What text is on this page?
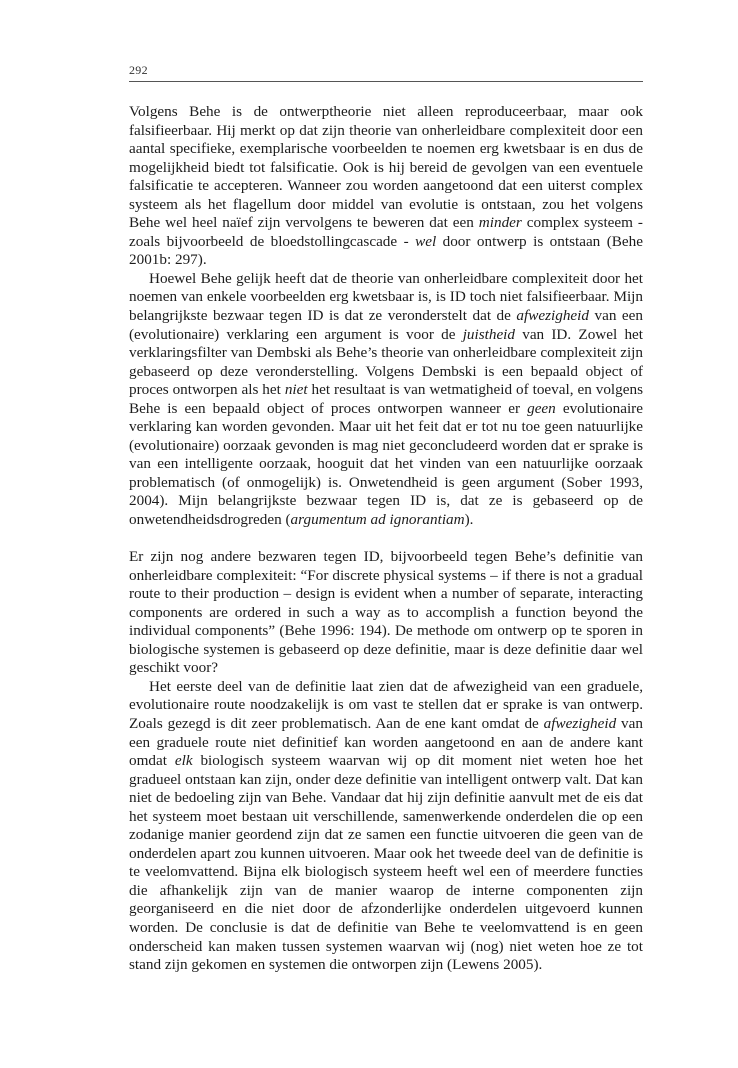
292

Volgens Behe is de ontwerptheorie niet alleen reproduceerbaar, maar ook falsifieerbaar. Hij merkt op dat zijn theorie van onherleidbare complexiteit door een aantal specifieke, exemplarische voorbeelden te noemen erg kwetsbaar is en dus de mogelijkheid biedt tot falsificatie. Ook is hij bereid de gevolgen van een eventuele falsificatie te accepteren. Wanneer zou worden aangetoond dat een uiterst complex systeem als het flagellum door middel van evolutie is ontstaan, zou het volgens Behe wel heel naïef zijn vervolgens te beweren dat een minder complex systeem - zoals bijvoorbeeld de bloedstollingcascade - wel door ontwerp is ontstaan (Behe 2001b: 297).

Hoewel Behe gelijk heeft dat de theorie van onherleidbare complexiteit door het noemen van enkele voorbeelden erg kwetsbaar is, is ID toch niet falsifieerbaar. Mijn belangrijkste bezwaar tegen ID is dat ze veronderstelt dat de afwezigheid van een (evolutionaire) verklaring een argument is voor de juistheid van ID. Zowel het verklaringsfilter van Dembski als Behe’s theorie van onherleidbare complexiteit zijn gebaseerd op deze veronderstelling. Volgens Dembski is een bepaald object of proces ontworpen als het niet het resultaat is van wetmatigheid of toeval, en volgens Behe is een bepaald object of proces ontworpen wanneer er geen evolutionaire verklaring kan worden gevonden. Maar uit het feit dat er tot nu toe geen natuurlijke (evolutionaire) oorzaak gevonden is mag niet geconcludeerd worden dat er sprake is van een intelligente oorzaak, hooguit dat het vinden van een natuurlijke oorzaak problematisch (of onmogelijk) is. Onwetendheid is geen argument (Sober 1993, 2004). Mijn belangrijkste bezwaar tegen ID is, dat ze is gebaseerd op de onwetendheidsdrogreden (argumentum ad ignorantiam).

Er zijn nog andere bezwaren tegen ID, bijvoorbeeld tegen Behe’s definitie van onherleidbare complexiteit: “For discrete physical systems – if there is not a gradual route to their production – design is evident when a number of separate, interacting components are ordered in such a way as to accomplish a function beyond the individual components” (Behe 1996: 194). De methode om ontwerp op te sporen in biologische systemen is gebaseerd op deze definitie, maar is deze definitie daar wel geschikt voor?

Het eerste deel van de definitie laat zien dat de afwezigheid van een graduele, evolutionaire route noodzakelijk is om vast te stellen dat er sprake is van ontwerp. Zoals gezegd is dit zeer problematisch. Aan de ene kant omdat de afwezigheid van een graduele route niet definitief kan worden aangetoond en aan de andere kant omdat elk biologisch systeem waarvan wij op dit moment niet weten hoe het gradueel ontstaan kan zijn, onder deze definitie van intelligent ontwerp valt. Dat kan niet de bedoeling zijn van Behe. Vandaar dat hij zijn definitie aanvult met de eis dat het systeem moet bestaan uit verschillende, samenwerkende onderdelen die op een zodanige manier geordend zijn dat ze samen een functie uitvoeren die geen van de onderdelen apart zou kunnen uitvoeren. Maar ook het tweede deel van de definitie is te veelomvattend. Bijna elk biologisch systeem heeft wel een of meerdere functies die afhankelijk zijn van de manier waarop de interne componenten zijn georganiseerd en die niet door de afzonderlijke onderdelen uitgevoerd kunnen worden. De conclusie is dat de definitie van Behe te veelomvattend is en geen onderscheid kan maken tussen systemen waarvan wij (nog) niet weten hoe ze tot stand zijn gekomen en systemen die ontworpen zijn (Lewens 2005).
